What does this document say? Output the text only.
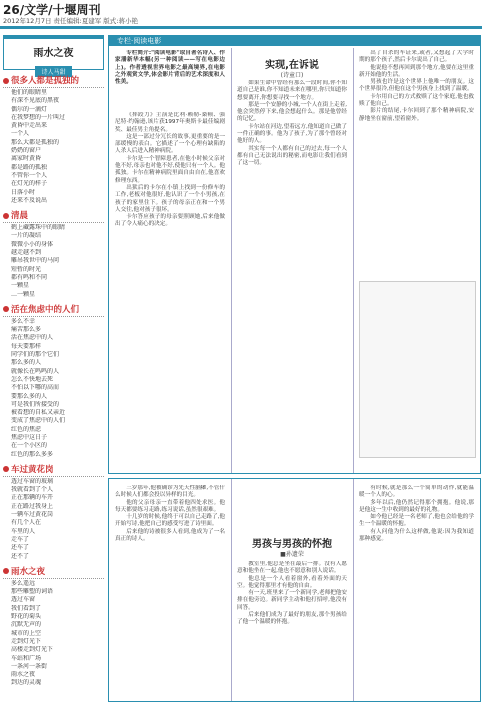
26/文学/十堰周刊
2012年12月7日 责任编辑:夏建军 版式:蒋小艳
雨水之夜
诗人马甜
很多人都是孤独的
他们的眼睛里
有深不见底的黑夜
偶尔的一滴灯
在我梦想的一片叫过
黄昏中走出来
一个人
那么大都是孤独的
奶奶的窗户
离家时黄昏
都是路的孤独
不管你一个人
在灯光的样子
日落小时
还来不及说出
清晨
鹤上藏露珠中的眼睛
一片的凝结
微微小小的身体
越走越不到
雕吊我世中的马问
短暂的时光
都有鸣和不同
一颗星
…一颗星
活在焦虑中的人们
多么不幸
痛苦那么多
活在焦虑中的人
每天要那样
同学们的那个它们
那么多的人
就像长在鸣鸣的人
怎么不快地去死
不怕以下哪的高而
要那么多的人
可是我们所接受的
被看想的自私又亲近
变成了焦虑中的人们
红色的焦虑
焦虑中这日子
在一个小区的
红色的那么多多
车过黄花岗
透过车窗的玻璃
我就看到了个人
正在那辆的车开
正在路过我身上
一辆车过黄花岗
有几个人在
车里的人
走车了
还车了
还不了
雨水之夜
多么遥远
那些雕塑的词语
透过车窗
我们看到了
野花的菊头
沉默无声的
城市的上空
走到灯光下
高楼走到灯光下
车站和广场
一条河一条街
雨水之夜
到达的灵魂
专栏·阅读电影

专栏简介:"阅读电影"取自著名诗人、作家潘新华本幅(另一种阅读——写在电影边上)。作者透视世界电影之最高境界,在电影之外观赏文学,体会影片背后的艺术深度和人性美。

《摔跤力》主演是比利·赖勒-桑顿、强尼特·约翰逊,该片获1997年奥斯卡最佳编剧奖、最佳男主角提名。

这是一部过分冗长的故事,更重要的是一部缓慢的表白。它描述了一个心理有缺陷的人杀人后进入精神病院。

卡尔是一个智障患者,在他小时候父亲对他不好,母亲也对他不好,使他只有一个人。他孤独。卡尔在精神病院里面自由自在,他喜欢修理东西。

出狱后的卡尔在小镇上找到一份修车的工作,老板对他很好,他认识了一个小男孩,在孩子的家里住下。孩子的母亲正在和一个男人交往,他对孩子很坏。

卡尔答应孩子的母亲要照顾她,后来他做出了令人痛心的决定。

实现,在诉说
(诗童口)

如果生命中曾经有那么一段时间,你不知道自己是谁,你不知道未来在哪里,你只知道你想要离开,你想要寻找一个地方。

那是一个安静的小城,一个人在街上走着,他会突然停下来,他会想起什么。那是他曾经的记忆。

卡尔站在河边,望着远方,他知道自己做了一件正确的事。他为了孩子,为了那个曾经对他好的人。

其实每一个人都有自己的过去,每一个人都有自己无法说出的秘密,而电影让我们看到了这一切。

出了自杀的车证来,或者,又想起了大学时期的那个孩子,然后卡尔说出了自己。

他说他不想再回到那个地方,他要在这里重新开始他的生活。

男孩也许是这个世界上他唯一的朋友。这个世界很冷,但他在这个男孩身上找到了温暖。

卡尔用自己的方式救赎了这个家庭,他也救赎了他自己。

影片的结尾,卡尔回到了那个精神病院,安静地坐在窗前,望着窗外。

三岁那年,他被确诊为先天性脑瘫,不管什么时候人们都会投以异样的目光。

他的父亲母亲一直带着他四处求医。他每天都要练习走路,练习说话,虽然很艰难。

十几岁的时候,他终于可以自己走路了,他开始写诗,他把自己的感受写进了诗里面。

后来他的诗被很多人看到,他成为了一名真正的诗人。	男孩与男孩的怀抱
■孙遗荣

教室里,他总是坐在最后一排。没有人愿意和他坐在一起,他也不愿意和别人说话。

他总是一个人看着窗外,看着外面的天空。他觉得那里才有他的自由。

有一天,班里来了一个新同学,老师把他安排在他旁边。新同学主动和他打招呼,他没有回答。

后来他们成为了最好的朋友,那个男孩给了他一个温暖的怀抱。

有时候,就是那么一个简单的动作,就能温暖一个人的心。

多年以后,他仍然记得那个拥抱。他说,那是他这一生中收到的最好的礼物。

如今他已经是一名老师了,他也会给他的学生一个温暖的怀抱。

有人问他为什么这样做,他说:因为我知道那种感觉。
